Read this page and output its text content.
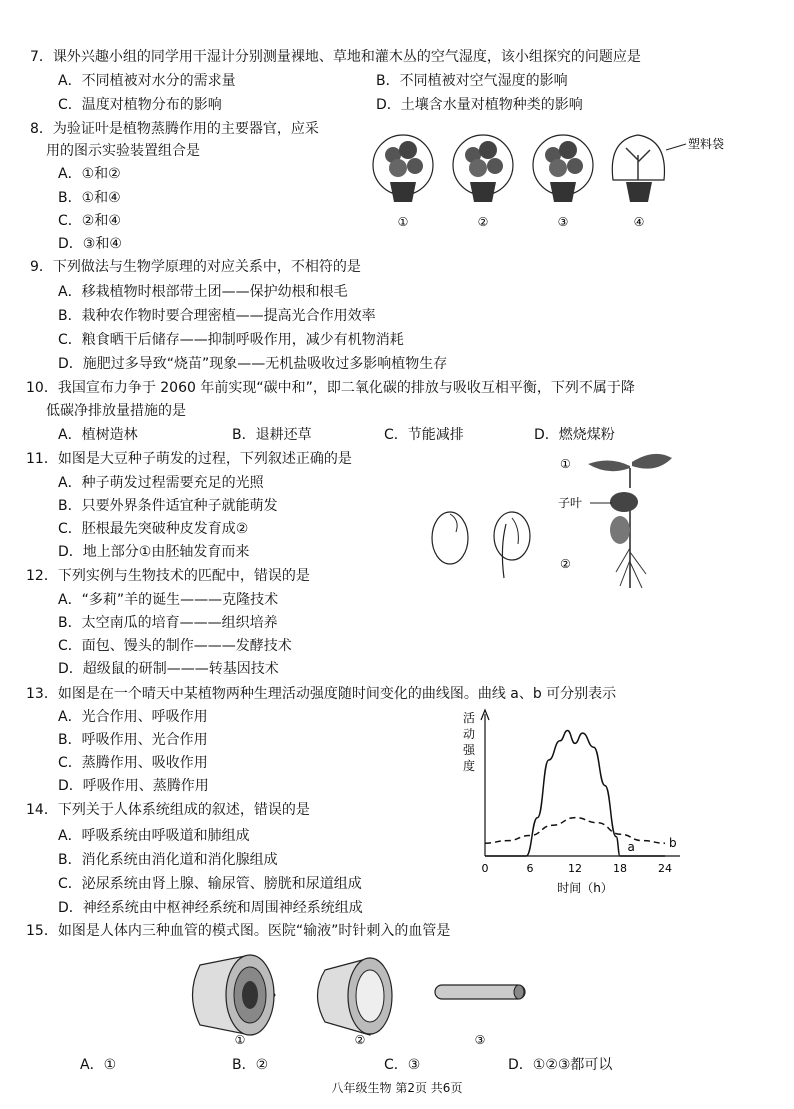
7．课外兴趣小组的同学用干湿计分别测量裸地、草地和灌木丛的空气湿度，该小组探究的问题应是
A．不同植被对水分的需求量	B．不同植被对空气湿度的影响
C．温度对植物分布的影响	D．土壤含水量对植物种类的影响
8．为验证叶是植物蒸腾作用的主要器官，应采
用的图示实验装置组合是
A．①和②
B．①和④
C．②和④
D．③和④
①	②	③	④
塑料袋
9．下列做法与生物学原理的对应关系中，不相符的是
A．移栽植物时根部带土团——保护幼根和根毛
B．栽种农作物时要合理密植——提高光合作用效率
C．粮食晒干后储存——抑制呼吸作用，减少有机物消耗
D．施肥过多导致“烧苗”现象——无机盐吸收过多影响植物生存
10．我国宣布力争于 2060 年前实现“碳中和”，即二氧化碳的排放与吸收互相平衡，下列不属于降
低碳净排放量措施的是
A．植树造林	B．退耕还草	C．节能减排	D．燃烧煤粉
11．如图是大豆种子萌发的过程，下列叙述正确的是
A．种子萌发过程需要充足的光照
B．只要外界条件适宜种子就能萌发
C．胚根最先突破种皮发育成②
D．地上部分①由胚轴发育而来
①
子叶
②
12．下列实例与生物技术的匹配中，错误的是
A．“多莉”羊的诞生———克隆技术
B．太空南瓜的培育———组织培养
C．面包、馒头的制作———发酵技术
D．超级鼠的研制———转基因技术
13．如图是在一个晴天中某植物两种生理活动强度随时间变化的曲线图。曲线 a、b 可分别表示
A．光合作用、呼吸作用
B．呼吸作用、光合作用
C．蒸腾作用、吸收作用
D．呼吸作用、蒸腾作用
活
动
强
度
时间（h）
0	6	12	18	24
a	b
14．下列关于人体系统组成的叙述，错误的是
A．呼吸系统由呼吸道和肺组成
B．消化系统由消化道和消化腺组成
C．泌尿系统由肾上腺、输尿管、膀胱和尿道组成
D．神经系统由中枢神经系统和周围神经系统组成
15．如图是人体内三种血管的模式图。医院“输液”时针刺入的血管是
①	②	③
A．①	B．②	C．③	D．①②③都可以
八年级生物 第2页 共6页
